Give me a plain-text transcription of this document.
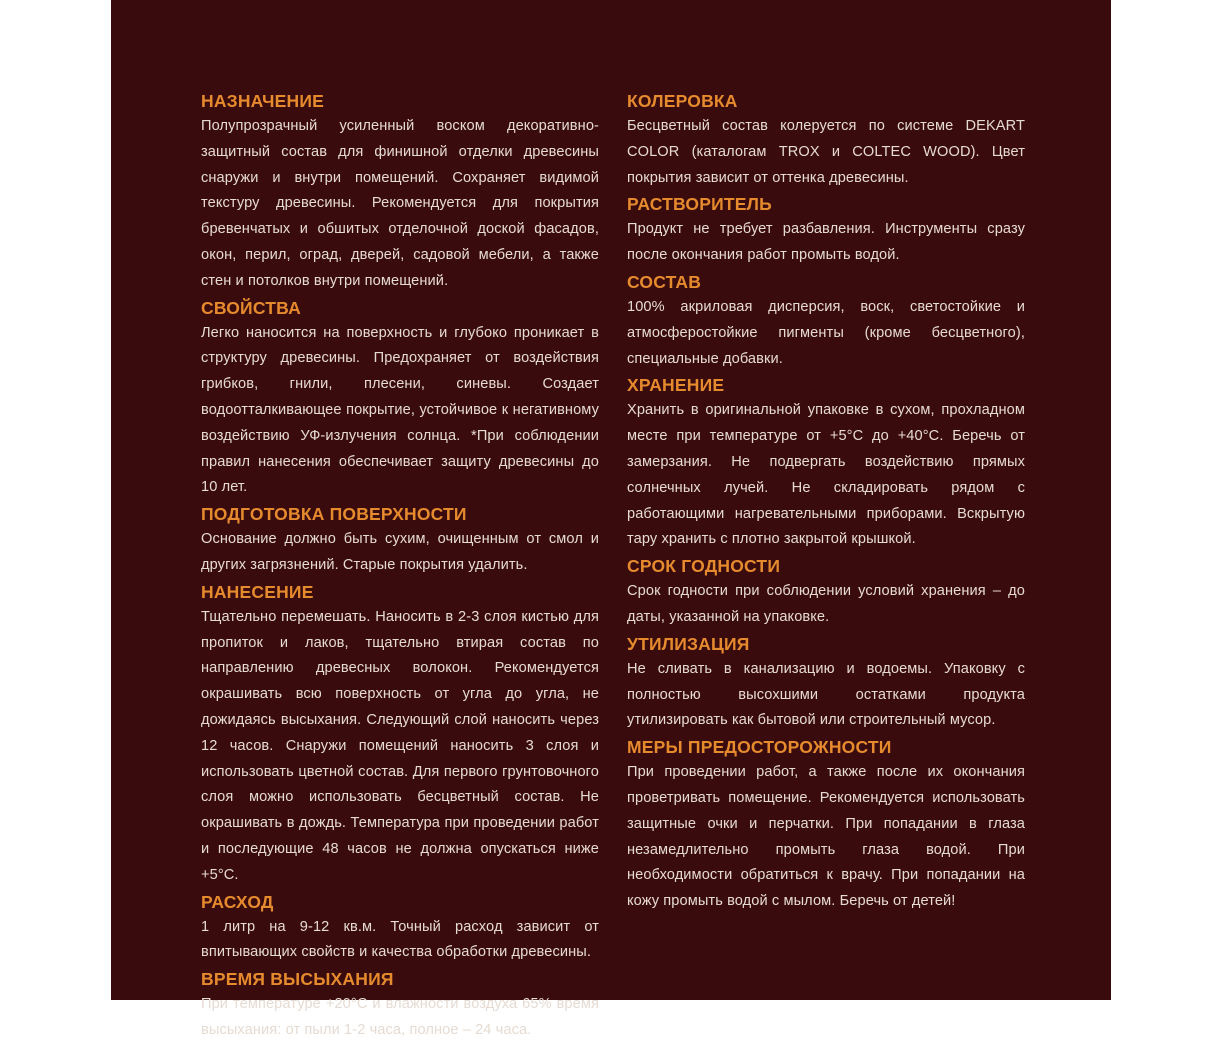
НАЗНАЧЕНИЕ

Полупрозрачный усиленный воском декоративно-защитный состав для финишной отделки древесины снаружи и внутри помещений. Сохраняет видимой текстуру древесины. Рекомендуется для покрытия бревенчатых и обшитых отделочной доской фасадов, окон, перил, оград, дверей, садовой мебели, а также стен и потолков внутри помещений.

СВОЙСТВА

Легко наносится на поверхность и глубоко проникает в структуру древесины. Предохраняет от воздействия грибков, гнили, плесени, синевы. Создает водоотталкивающее покрытие, устойчивое к негативному воздействию УФ-излучения солнца. *При соблюдении правил нанесения обеспечивает защиту древесины до 10 лет.

ПОДГОТОВКА ПОВЕРХНОСТИ

Основание должно быть сухим, очищенным от смол и других загрязнений. Старые покрытия удалить.

НАНЕСЕНИЕ

Тщательно перемешать. Наносить в 2-3 слоя кистью для пропиток и лаков, тщательно втирая состав по направлению древесных волокон. Рекомендуется окрашивать всю поверхность от угла до угла, не дожидаясь высыхания. Следующий слой наносить через 12 часов. Снаружи помещений наносить 3 слоя и использовать цветной состав. Для первого грунтовочного слоя можно использовать бесцветный состав. Не окрашивать в дождь. Температура при проведении работ и последующие 48 часов не должна опускаться ниже +5°С.

РАСХОД

1 литр на 9-12 кв.м. Точный расход зависит от впитывающих свойств и качества обработки древесины.

ВРЕМЯ ВЫСЫХАНИЯ

При температуре +20°С и влажности воздуха 65% время высыхания: от пыли 1-2 часа, полное – 24 часа.

КОЛЕРОВКА

Бесцветный состав колеруется по системе DEKART COLOR (каталогам TROX и COLTEC WOOD). Цвет покрытия зависит от оттенка древесины.

РАСТВОРИТЕЛЬ

Продукт не требует разбавления. Инструменты сразу после окончания работ промыть водой.

СОСТАВ

100% акриловая дисперсия, воск, светостойкие и атмосферостойкие пигменты (кроме бесцветного), специальные добавки.

ХРАНЕНИЕ

Хранить в оригинальной упаковке в сухом, прохладном месте при температуре от +5°С до +40°С. Беречь от замерзания. Не подвергать воздействию прямых солнечных лучей. Не складировать рядом с работающими нагревательными приборами. Вскрытую тару хранить с плотно закрытой крышкой.

СРОК ГОДНОСТИ

Срок годности при соблюдении условий хранения – до даты, указанной на упаковке.

УТИЛИЗАЦИЯ

Не сливать в канализацию и водоемы. Упаковку с полностью высохшими остатками продукта утилизировать как бытовой или строительный мусор.

МЕРЫ ПРЕДОСТОРОЖНОСТИ

При проведении работ, а также после их окончания проветривать помещение. Рекомендуется использовать защитные очки и перчатки. При попадании в глаза незамедлительно промыть глаза водой. При необходимости обратиться к врачу. При попадании на кожу промыть водой с мылом. Беречь от детей!
